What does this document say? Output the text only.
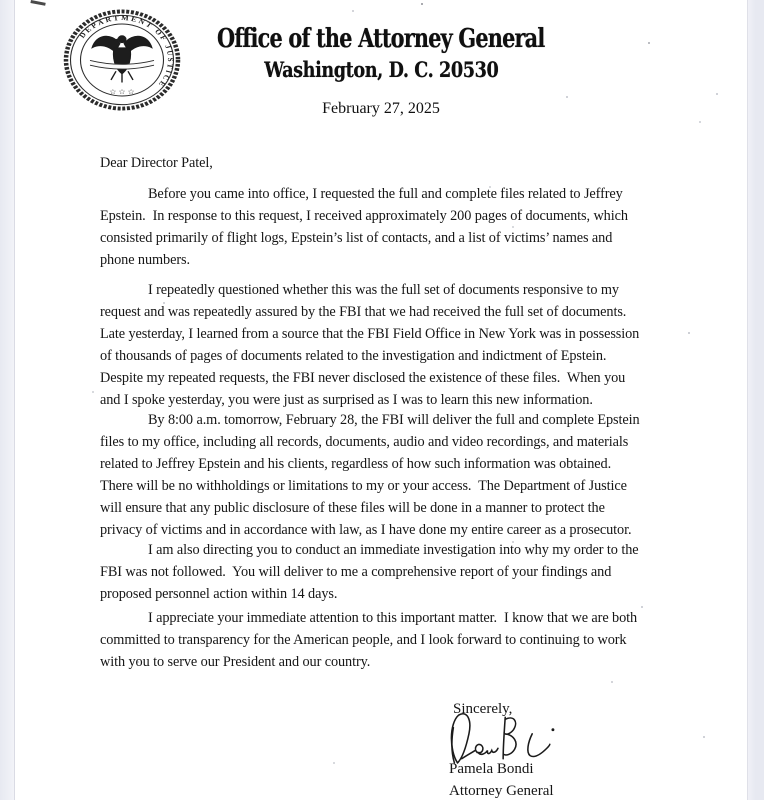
DEPARTMENT OF JUSTICE
☆ ☆ ☆
Office of the Attorney General
Washington, D. C. 20530
February 27, 2025
Dear Director Patel,
Before you came into office, I requested the full and complete files related to Jeffrey
Epstein.  In response to this request, I received approximately 200 pages of documents, which
consisted primarily of flight logs, Epstein’s list of contacts, and a list of victims’ names and
phone numbers.
I repeatedly questioned whether this was the full set of documents responsive to my
request and was repeatedly assured by the FBI that we had received the full set of documents.
Late yesterday, I learned from a source that the FBI Field Office in New York was in possession
of thousands of pages of documents related to the investigation and indictment of Epstein.
Despite my repeated requests, the FBI never disclosed the existence of these files.  When you
and I spoke yesterday, you were just as surprised as I was to learn this new information.
By 8:00 a.m. tomorrow, February 28, the FBI will deliver the full and complete Epstein
files to my office, including all records, documents, audio and video recordings, and materials
related to Jeffrey Epstein and his clients, regardless of how such information was obtained.
There will be no withholdings or limitations to my or your access.  The Department of Justice
will ensure that any public disclosure of these files will be done in a manner to protect the
privacy of victims and in accordance with law, as I have done my entire career as a prosecutor.
I am also directing you to conduct an immediate investigation into why my order to the
FBI was not followed.  You will deliver to me a comprehensive report of your findings and
proposed personnel action within 14 days.
I appreciate your immediate attention to this important matter.  I know that we are both
committed to transparency for the American people, and I look forward to continuing to work
with you to serve our President and our country.
Sincerely,
Pamela Bondi
Attorney General
